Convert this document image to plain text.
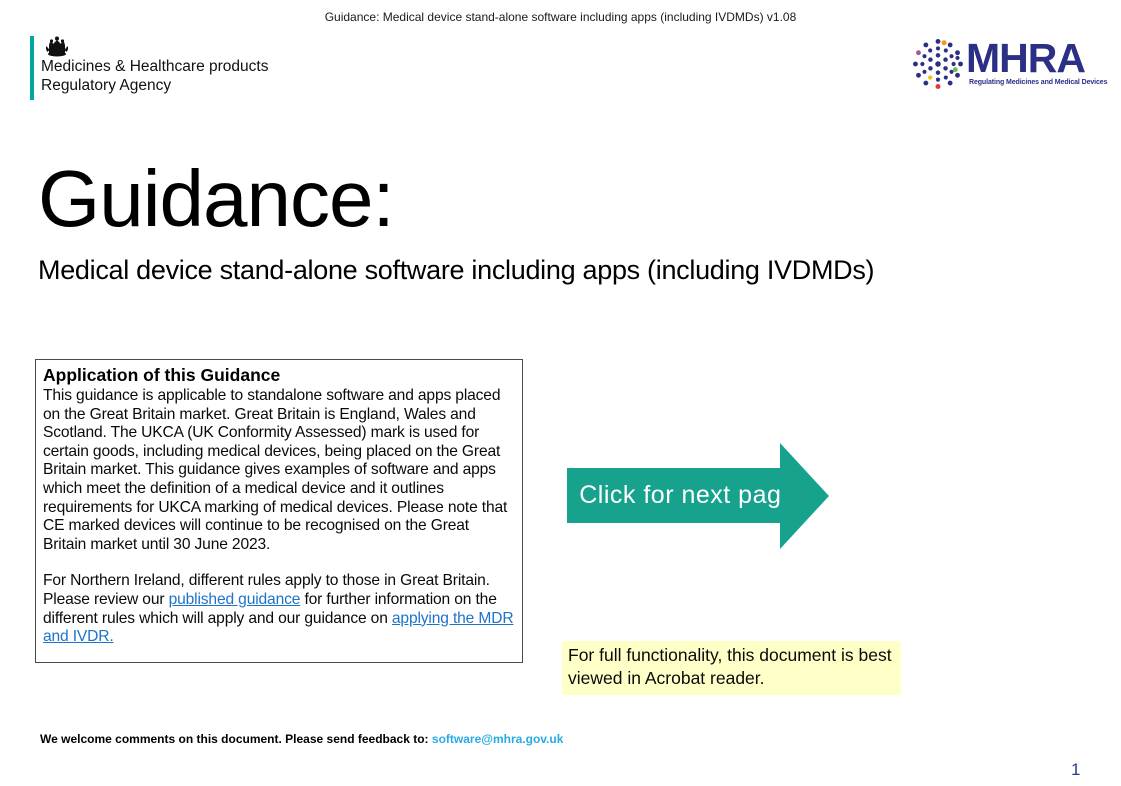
Guidance: Medical device stand-alone software including apps (including IVDMDs) v1.08
Medicines & Healthcare products
Regulatory Agency
MHRA
Regulating Medicines and Medical Devices
Guidance:
Medical device stand-alone software including apps (including IVDMDs)
Application of this Guidance

This guidance is applicable to standalone software and apps placed on the Great Britain market. Great Britain is England, Wales and Scotland. The UKCA (UK Conformity Assessed) mark is used for certain goods, including medical devices, being placed on the Great Britain market. This guidance gives examples of software and apps which meet the definition of a medical device and it outlines requirements for UKCA marking of medical devices. Please note that CE marked devices will continue to be recognised on the Great Britain market until 30 June 2023.

For Northern Ireland, different rules apply to those in Great Britain. Please review our published guidance for further information on the different rules which will apply and our guidance on applying the MDR and IVDR.

Click for next page
For full functionality, this document is best viewed in Acrobat reader.
We welcome comments on this document. Please send feedback to: software@mhra.gov.uk
1
